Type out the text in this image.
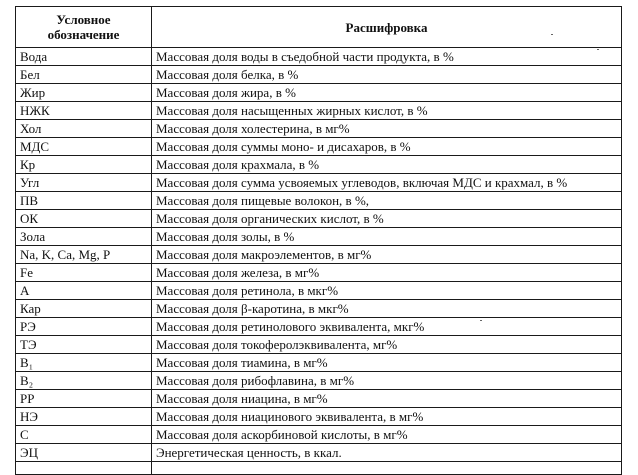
Условное обозначение	Расшифровка
Вода	Массовая доля воды в съедобной части продукта, в %
Бел	Массовая доля белка, в %
Жир	Массовая доля жира, в %
НЖК	Массовая доля насыщенных жирных кислот, в %
Хол	Массовая доля холестерина, в мг%
МДС	Массовая доля суммы моно- и дисахаров, в %
Кр	Массовая доля крахмала, в %
Угл	Массовая доля сумма усвояемых углеводов, включая МДС и крахмал, в %
ПВ	Массовая доля пищевые волокон, в %,
ОК	Массовая доля органических кислот, в %
Зола	Массовая доля золы, в %
Na, K, Ca, Mg, P	Массовая доля макроэлементов, в мг%
Fe	Массовая доля железа, в мг%
A	Массовая доля ретинола, в мкг%
Кар	Массовая доля β-каротина, в мкг%
РЭ	Массовая доля ретинолового эквивалента, мкг%
ТЭ	Массовая доля токоферолэквивалента, мг%
B₁	Массовая доля тиамина, в мг%
B₂	Массовая доля рибофлавина, в мг%
PP	Массовая доля ниацина, в мг%
НЭ	Массовая доля ниацинового эквивалента, в мг%
C	Массовая доля аскорбиновой кислоты, в мг%
ЭЦ	Энергетическая ценность, в ккал.
